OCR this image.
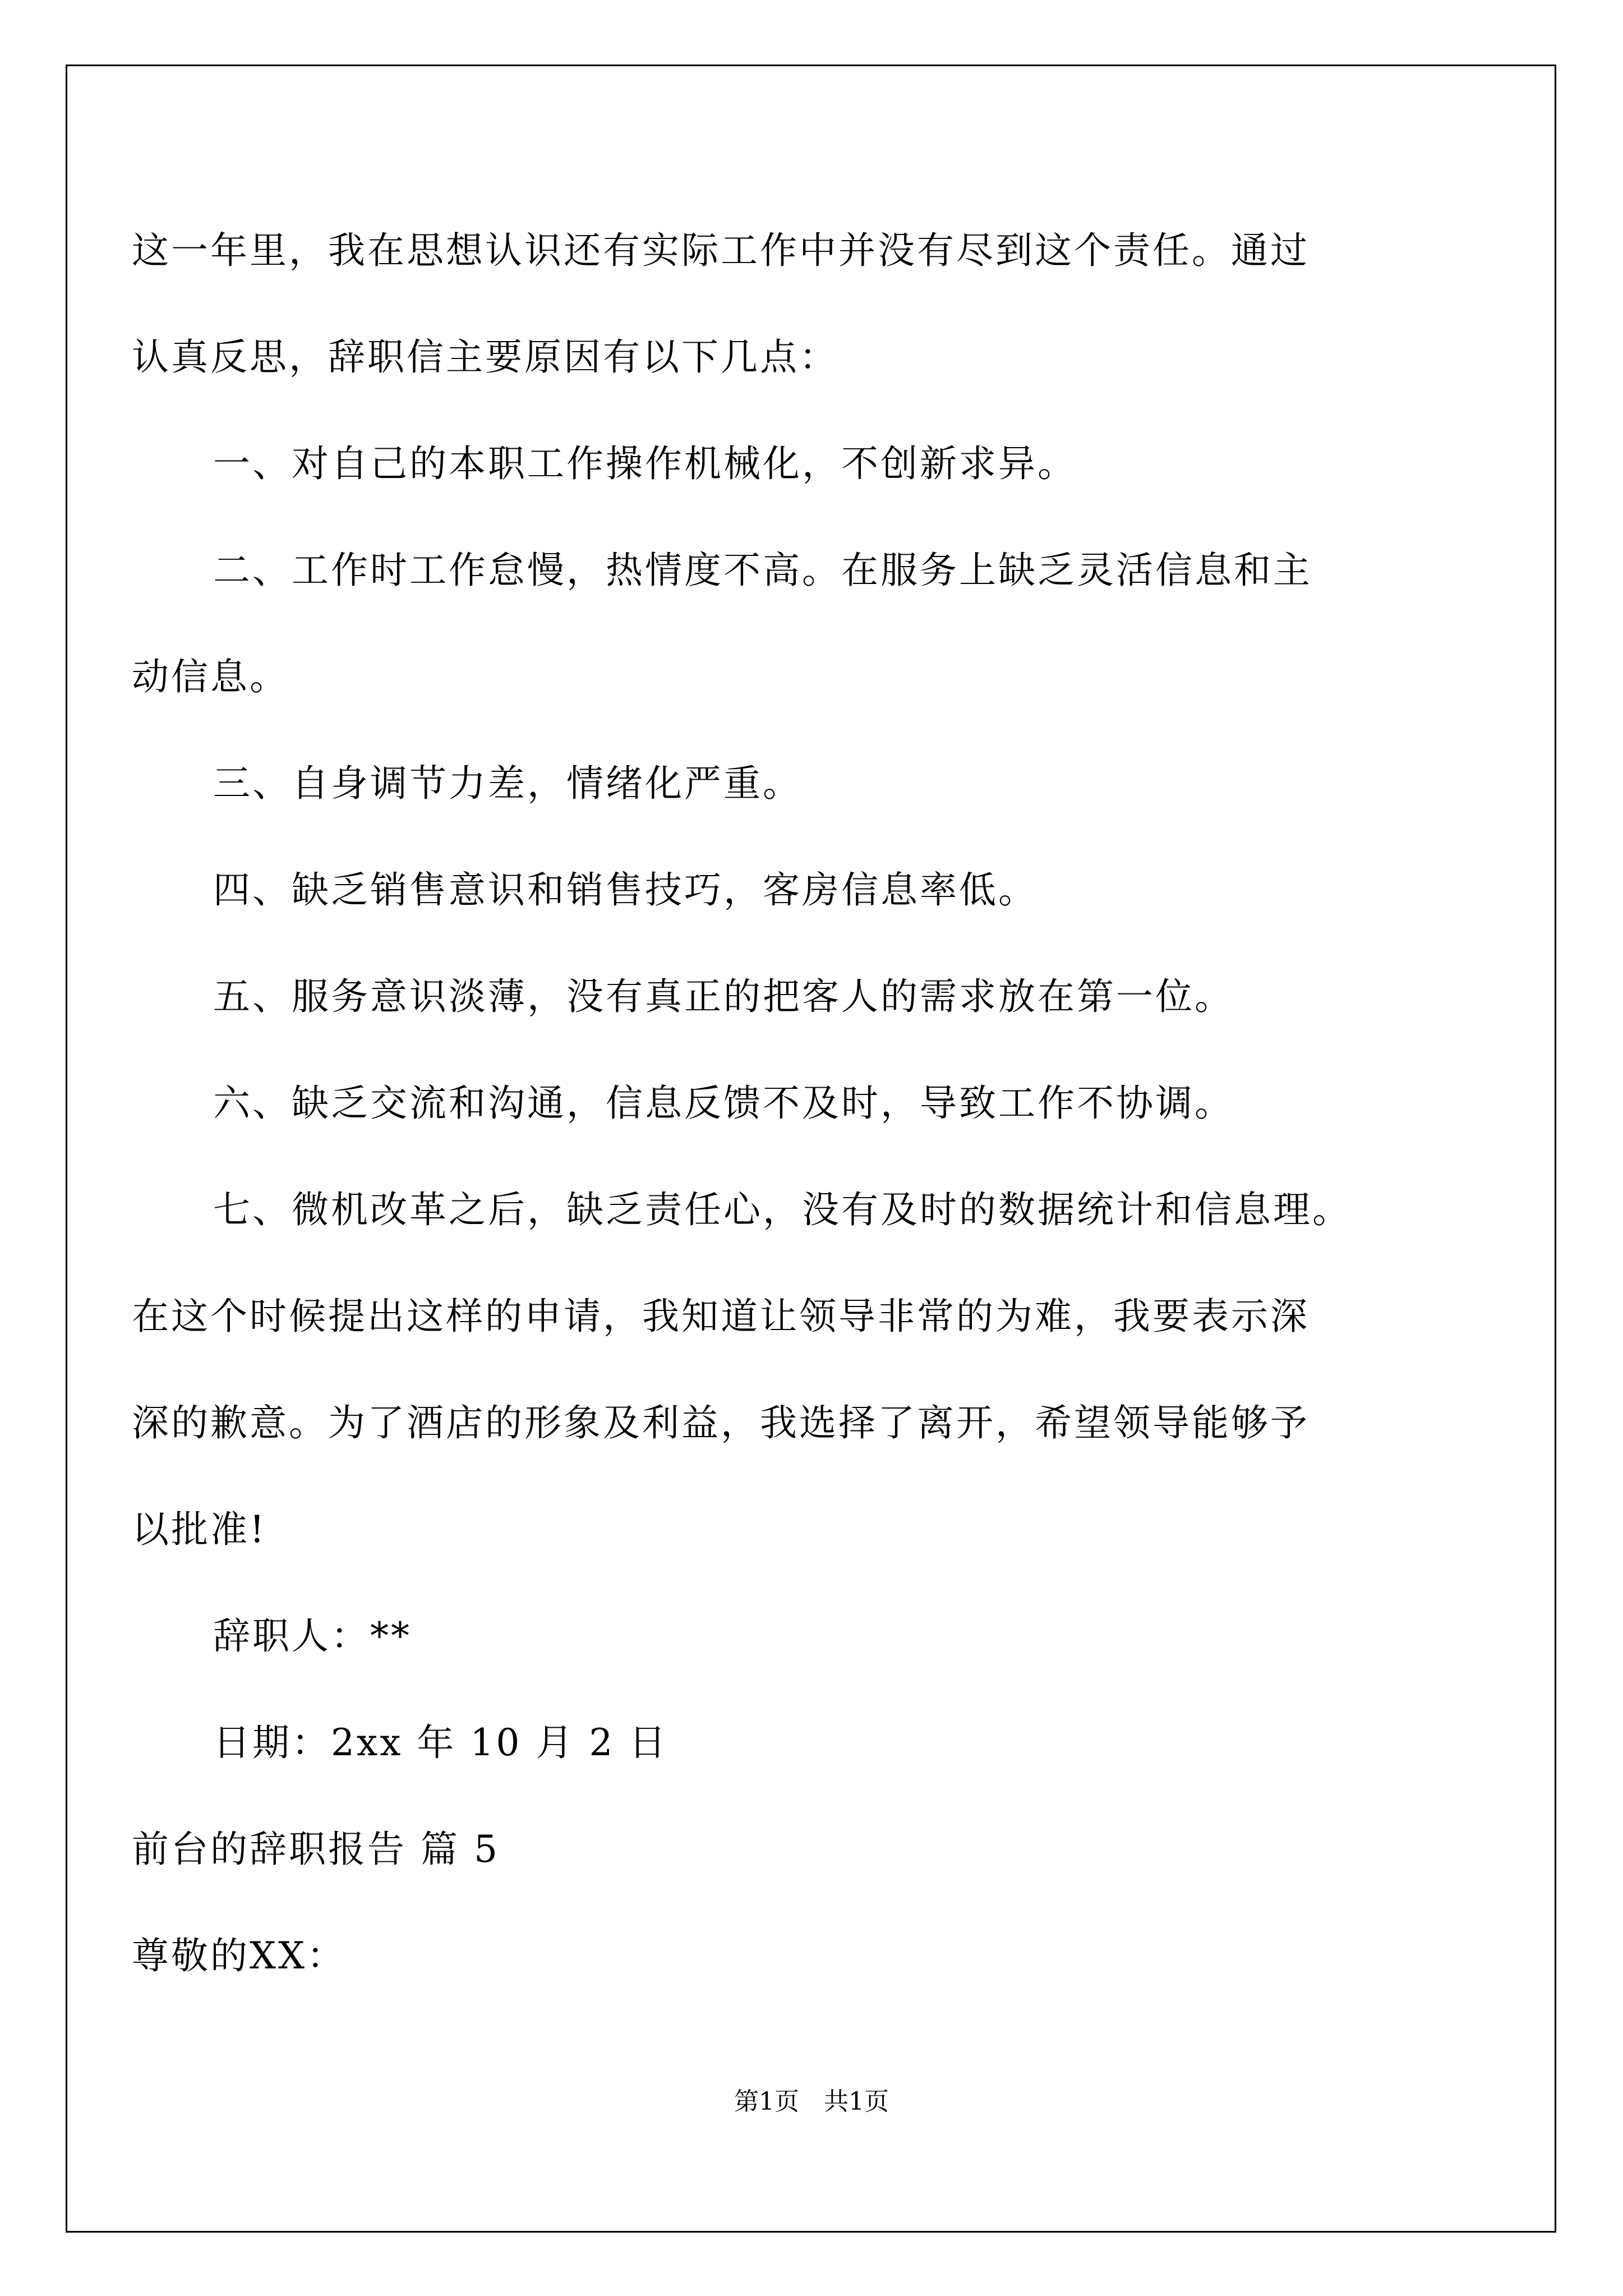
这一年里，我在思想认识还有实际工作中并没有尽到这个责任。通过
认真反思，辞职信主要原因有以下几点：
一、对自己的本职工作操作机械化，不创新求异。
二、工作时工作怠慢，热情度不高。在服务上缺乏灵活信息和主
动信息。
三、自身调节力差，情绪化严重。
四、缺乏销售意识和销售技巧，客房信息率低。
五、服务意识淡薄，没有真正的把客人的需求放在第一位。
六、缺乏交流和沟通，信息反馈不及时，导致工作不协调。
七、微机改革之后，缺乏责任心，没有及时的数据统计和信息理。
在这个时候提出这样的申请，我知道让领导非常的为难，我要表示深
深的歉意。为了酒店的形象及利益，我选择了离开，希望领导能够予
以批准!
辞职人：**
日期：2xx 年 10 月 2 日
前台的辞职报告 篇 5
尊敬的XX：
第1页　共1页
